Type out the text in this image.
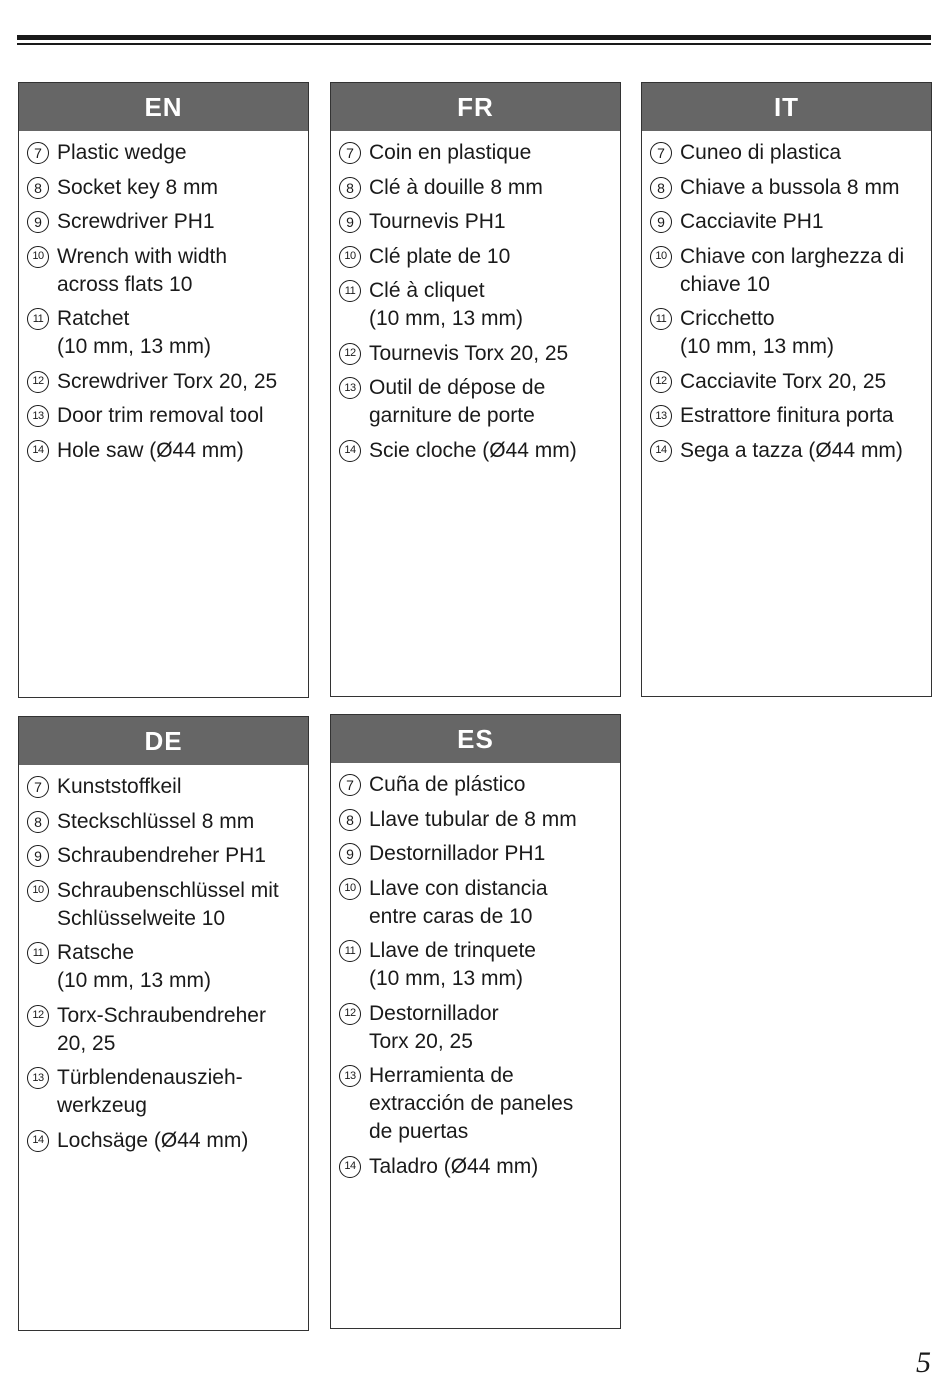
EN
7 Plastic wedge
8 Socket key 8 mm
9 Screwdriver PH1
10 Wrench with width
across flats 10
11 Ratchet
(10 mm, 13 mm)
12 Screwdriver Torx 20, 25
13 Door trim removal tool
14 Hole saw (Ø44 mm)
FR
7 Coin en plastique
8 Clé à douille 8 mm
9 Tournevis PH1
10 Clé plate de 10
11 Clé à cliquet
(10 mm, 13 mm)
12 Tournevis Torx 20, 25
13 Outil de dépose de
garniture de porte
14 Scie cloche (Ø44 mm)
IT
7 Cuneo di plastica
8 Chiave a bussola 8 mm
9 Cacciavite PH1
10 Chiave con larghezza di
chiave 10
11 Cricchetto
(10 mm, 13 mm)
12 Cacciavite Torx 20, 25
13 Estrattore finitura porta
14 Sega a tazza (Ø44 mm)
DE
7 Kunststoffkeil
8 Steckschlüssel 8 mm
9 Schraubendreher PH1
10 Schraubenschlüssel mit
Schlüsselweite 10
11 Ratsche
(10 mm, 13 mm)
12 Torx-Schraubendreher
20, 25
13 Türblendenauszieh-
werkzeug
14 Lochsäge (Ø44 mm)
ES
7 Cuña de plástico
8 Llave tubular de 8 mm
9 Destornillador PH1
10 Llave con distancia
entre caras de 10
11 Llave de trinquete
(10 mm, 13 mm)
12 Destornillador
Torx 20, 25
13 Herramienta de
extracción de paneles
de puertas
14 Taladro (Ø44 mm)
5
